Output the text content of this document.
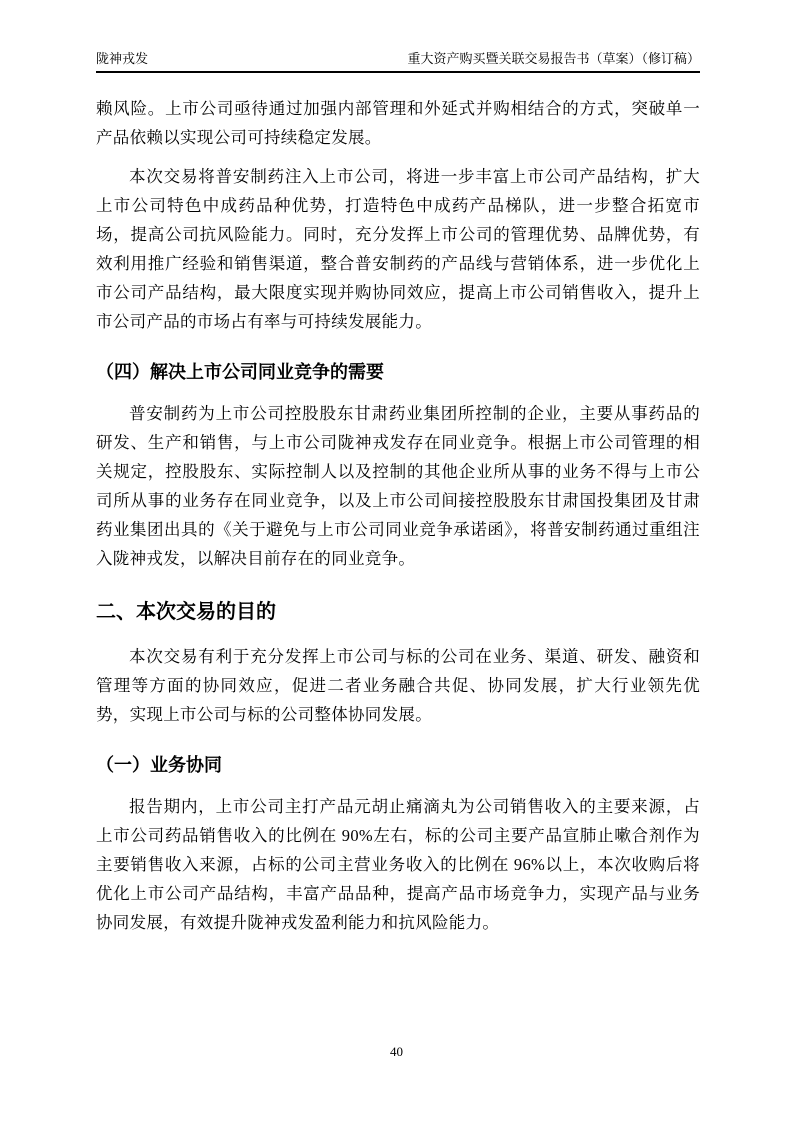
陇神戎发	重大资产购买暨关联交易报告书（草案）（修订稿）

赖风险。上市公司亟待通过加强内部管理和外延式并购相结合的方式，突破单一产品依赖以实现公司可持续稳定发展。

本次交易将普安制药注入上市公司，将进一步丰富上市公司产品结构，扩大上市公司特色中成药品种优势，打造特色中成药产品梯队，进一步整合拓宽市场，提高公司抗风险能力。同时，充分发挥上市公司的管理优势、品牌优势，有效利用推广经验和销售渠道，整合普安制药的产品线与营销体系，进一步优化上市公司产品结构，最大限度实现并购协同效应，提高上市公司销售收入，提升上市公司产品的市场占有率与可持续发展能力。

（四）解决上市公司同业竞争的需要

普安制药为上市公司控股股东甘肃药业集团所控制的企业，主要从事药品的研发、生产和销售，与上市公司陇神戎发存在同业竞争。根据上市公司管理的相关规定，控股股东、实际控制人以及控制的其他企业所从事的业务不得与上市公司所从事的业务存在同业竞争，以及上市公司间接控股股东甘肃国投集团及甘肃药业集团出具的《关于避免与上市公司同业竞争承诺函》，将普安制药通过重组注入陇神戎发，以解决目前存在的同业竞争。

二、本次交易的目的

本次交易有利于充分发挥上市公司与标的公司在业务、渠道、研发、融资和管理等方面的协同效应，促进二者业务融合共促、协同发展，扩大行业领先优势，实现上市公司与标的公司整体协同发展。

（一）业务协同

报告期内，上市公司主打产品元胡止痛滴丸为公司销售收入的主要来源，占上市公司药品销售收入的比例在 90%左右，标的公司主要产品宣肺止嗽合剂作为主要销售收入来源，占标的公司主营业务收入的比例在 96%以上，本次收购后将优化上市公司产品结构，丰富产品品种，提高产品市场竞争力，实现产品与业务协同发展，有效提升陇神戎发盈利能力和抗风险能力。

40
